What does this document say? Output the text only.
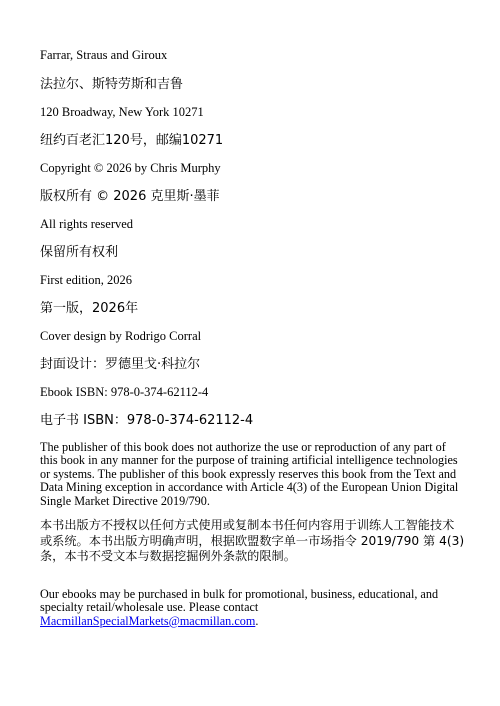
Farrar, Straus and Giroux
法拉尔、斯特劳斯和吉鲁
120 Broadway, New York 10271
纽约百老汇120号，邮编10271
Copyright © 2026 by Chris Murphy
版权所有 © 2026 克里斯·墨菲
All rights reserved
保留所有权利
First edition, 2026
第一版，2026年
Cover design by Rodrigo Corral
封面设计：罗德里戈·科拉尔
Ebook ISBN: 978-0-374-62112-4
电子书 ISBN：978-0-374-62112-4
The publisher of this book does not authorize the use or reproduction of any part of this book in any manner for the purpose of training artificial intelligence technologies or systems. The publisher of this book expressly reserves this book from the Text and Data Mining exception in accordance with Article 4(3) of the European Union Digital Single Market Directive 2019/790.
本书出版方不授权以任何方式使用或复制本书任何内容用于训练人工智能技术或系统。本书出版方明确声明，根据欧盟数字单一市场指令 2019/790 第 4(3) 条，本书不受文本与数据挖掘例外条款的限制。
Our ebooks may be purchased in bulk for promotional, business, educational, and specialty retail/wholesale use. Please contact MacmillanSpecialMarkets@macmillan.com.
